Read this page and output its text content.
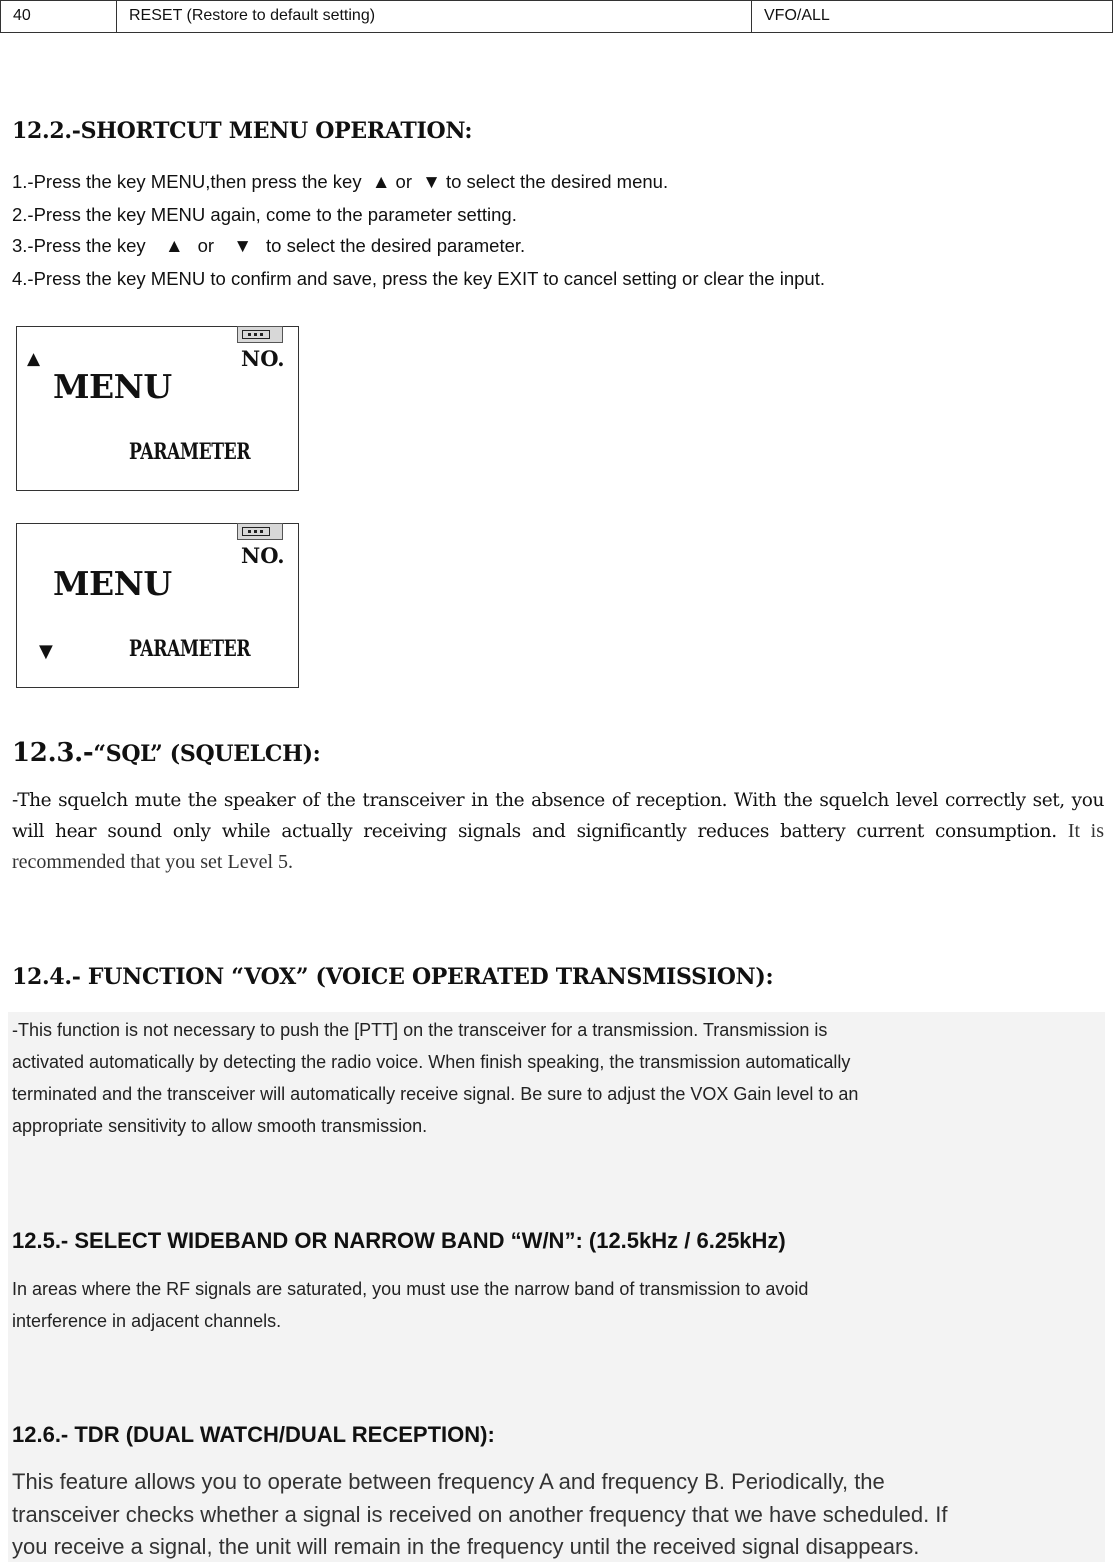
40	RESET (Restore to default setting)	VFO/ALL
12.2.-SHORTCUT MENU OPERATION:
1.-Press the key MENU,then press the key ▲ or ▼ to select the desired menu.
2.-Press the key MENU again, come to the parameter setting.
3.-Press the key ▲ or ▼ to select the desired parameter.
4.-Press the key MENU to confirm and save, press the key EXIT to cancel setting or clear the input.
NO.
▲
MENU
PARAMETER
NO.
MENU
▼	PARAMETER
12.3.-“SQL” (SQUELCH):

-The squelch mute the speaker of the transceiver in the absence of reception. With the squelch level correctly set, you will hear sound only while actually receiving signals and significantly reduces battery current consumption. It is recommended that you set Level 5.

12.4.- FUNCTION “VOX” (VOICE OPERATED TRANSMISSION):
-This function is not necessary to push the [PTT] on the transceiver for a transmission. Transmission is
activated automatically by detecting the radio voice. When finish speaking, the transmission automatically
terminated and the transceiver will automatically receive signal. Be sure to adjust the VOX Gain level to an
appropriate sensitivity to allow smooth transmission.
12.5.- SELECT WIDEBAND OR NARROW BAND “W/N”: (12.5kHz / 6.25kHz)
In areas where the RF signals are saturated, you must use the narrow band of transmission to avoid
interference in adjacent channels.
12.6.- TDR (DUAL WATCH/DUAL RECEPTION):
This feature allows you to operate between frequency A and frequency B. Periodically, the
transceiver checks whether a signal is received on another frequency that we have scheduled. If
you receive a signal, the unit will remain in the frequency until the received signal disappears.
